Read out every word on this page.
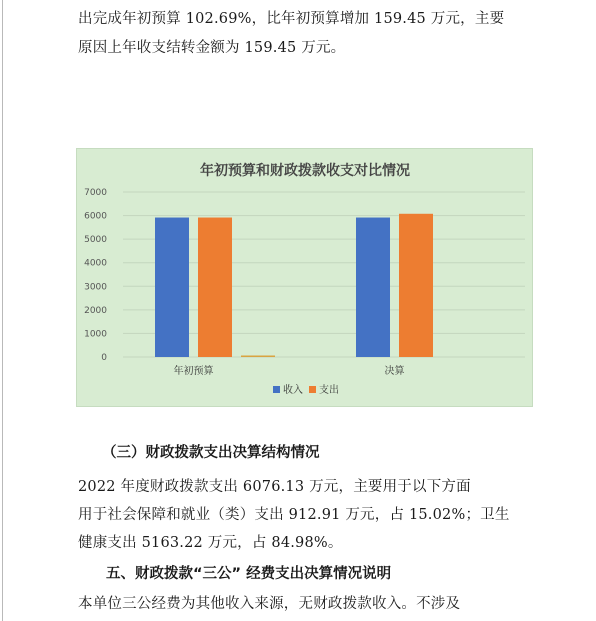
出完成年初预算 102.69%，比年初预算增加 159.45 万元，主要
原因上年收支结转金额为 159.45 万元。
年初预算和财政拨款收支对比情况
0
1000
2000
3000
4000
5000
6000
7000
年初预算	决算
收入 支出
（三）财政拨款支出决算结构情况
2022 年度财政拨款支出 6076.13 万元，主要用于以下方面
用于社会保障和就业（类）支出 912.91 万元，占 15.02%；卫生
健康支出 5163.22 万元，占 84.98%。
五、财政拨款“三公” 经费支出决算情况说明
本单位三公经费为其他收入来源，无财政拨款收入。不涉及
